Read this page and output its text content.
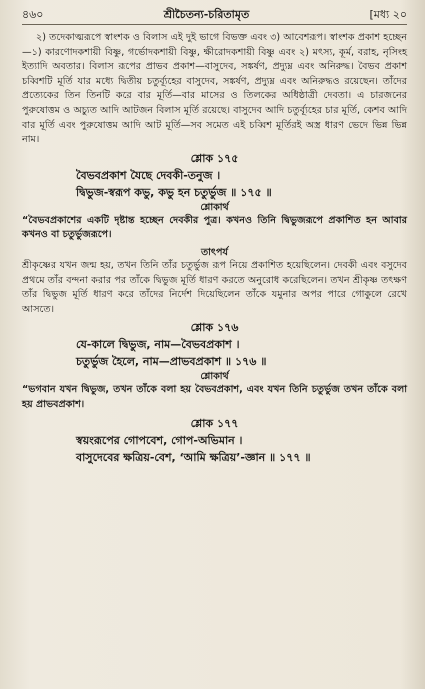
৪৬০	শ্রীচৈতন্য-চরিতামৃত	[মধ্য ২০

২) তদেকাত্মরূপে স্বাংশক ও বিলাস এই দুই ভাগে বিভক্ত এবং ৩) আবেশরূপ। স্বাংশক প্রকাশ হচ্ছেন—১) কারণোদকশায়ী বিষ্ণু, গর্ভোদকশায়ী বিষ্ণু, ক্ষীরোদকশায়ী বিষ্ণু এবং ২) মৎস্য, কূর্ম, বরাহ, নৃসিংহ ইত্যাদি অবতার। বিলাস রূপের প্রাভব প্রকাশ—বাসুদেব, সঙ্কর্ষণ, প্রদ্যুম্ন এবং অনিরুদ্ধ। বৈভব প্রকাশ চব্বিশটি মূর্তি যার মধ্যে দ্বিতীয় চতুর্ব্যূহের বাসুদেব, সঙ্কর্ষণ, প্রদ্যুম্ন এবং অনিরুদ্ধও রয়েছেন। তাঁদের প্রত্যেকের তিন তিনটি করে বার মূর্তি—বার মাসের ও তিলকের অধিষ্ঠাত্রী দেবতা। এ চারজনের পুরুষোত্তম ও অচ্যুত আদি আটজন বিলাস মূর্তি রয়েছে। বাসুদেব আদি চতুর্ব্যূহের চার মূর্তি, কেশব আদি বার মূর্তি এবং পুরুষোত্তম আদি আট মূর্তি—সব সমেত এই চব্বিশ মূর্তিরই অস্ত্র ধারণ ভেদে ভিন্ন ভিন্ন নাম।

শ্লোক ১৭৫
বৈভবপ্রকাশ যৈছে দেবকী-তনুজ ।
দ্বিভুজ-স্বরূপ কভু, কভু হন চতুর্ভুজ ॥ ১৭৫ ॥
শ্লোকার্থ

“বৈভবপ্রকাশের একটি দৃষ্টান্ত হচ্ছেন দেবকীর পুত্র। কখনও তিনি দ্বিভুজরূপে প্রকাশিত হন আবার কখনও বা চতুর্ভুজরূপে।

তাৎপর্য

শ্রীকৃষ্ণের যখন জন্ম হয়, তখন তিনি তাঁর চতুর্ভুজ রূপ নিয়ে প্রকাশিত হয়েছিলেন। দেবকী এবং বসুদেব প্রথমে তাঁর বন্দনা করার পর তাঁকে দ্বিভুজ মূর্তি ধারণ করতে অনুরোধ করেছিলেন। তখন শ্রীকৃষ্ণ তৎক্ষণ তাঁর দ্বিভুজ মূর্তি ধারণ করে তাঁদের নির্দেশ দিয়েছিলেন তাঁকে যমুনার অপর পারে গোকুলে রেখে আসতে।

শ্লোক ১৭৬
যে-কালে দ্বিভুজ, নাম—বৈভবপ্রকাশ ।
চতুর্ভুজ হৈলে, নাম—প্রাভবপ্রকাশ ॥ ১৭৬ ॥
শ্লোকার্থ

“ভগবান যখন দ্বিভুজ, তখন তাঁকে বলা হয় বৈভবপ্রকাশ, এবং যখন তিনি চতুর্ভুজ তখন তাঁকে বলা হয় প্রাভবপ্রকাশ।

শ্লোক ১৭৭
স্বয়ংরূপের গোপবেশ, গোপ-অভিমান ।
বাসুদেবের ক্ষত্রিয়-বেশ, ‘আমি ক্ষত্রিয়’-জ্ঞান ॥ ১৭৭ ॥
